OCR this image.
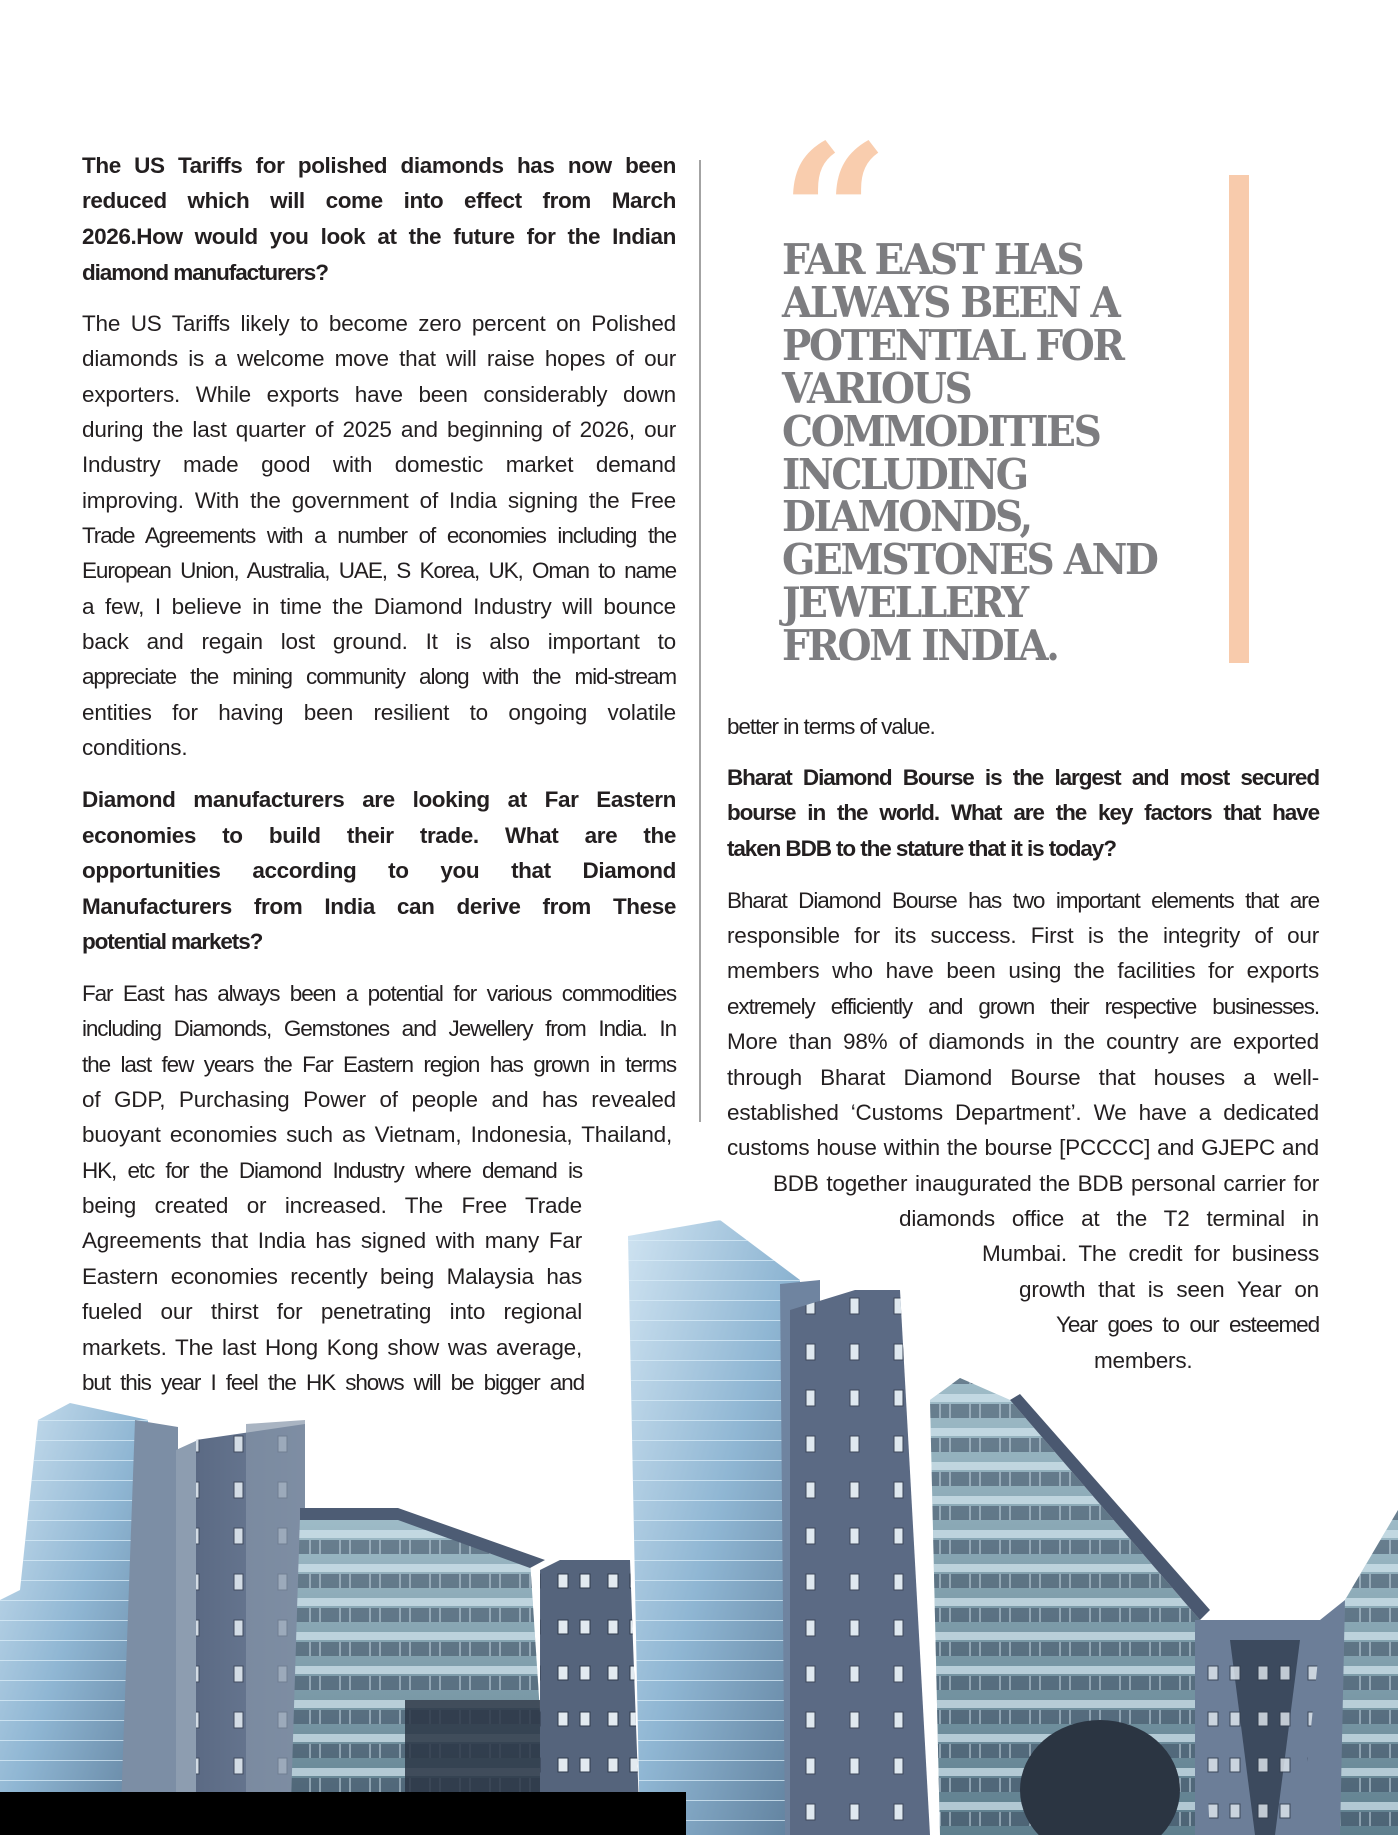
The US Tariffs for polished diamonds has now been
reduced which will come into effect from March
2026.How would you look at the future for the Indian
diamond manufacturers?
The US Tariffs likely to become zero percent on Polished
diamonds is a welcome move that will raise hopes of our
exporters. While exports have been considerably down
during the last quarter of 2025 and beginning of 2026, our
Industry made good with domestic market demand
improving. With the government of India signing the Free
Trade Agreements with a number of economies including the
European Union, Australia, UAE, S Korea, UK, Oman to name
a few, I believe in time the Diamond Industry will bounce
back and regain lost ground. It is also important to
appreciate the mining community along with the mid-stream
entities for having been resilient to ongoing volatile
conditions.
Diamond manufacturers are looking at Far Eastern
economies to build their trade. What are the
opportunities according to you that Diamond
Manufacturers from India can derive from These
potential markets?
Far East has always been a potential for various commodities
including Diamonds, Gemstones and Jewellery from India. In
the last few years the Far Eastern region has grown in terms
of GDP, Purchasing Power of people and has revealed
buoyant economies such as Vietnam, Indonesia, Thailand,
HK, etc for the Diamond Industry where demand is
being created or increased. The Free Trade
Agreements that India has signed with many Far
Eastern economies recently being Malaysia has
fueled our thirst for penetrating into regional
markets. The last Hong Kong show was average,
but this year I feel the HK shows will be bigger and
“
FAR EAST HAS
ALWAYS BEEN A
POTENTIAL FOR
VARIOUS
COMMODITIES
INCLUDING
DIAMONDS,
GEMSTONES AND
JEWELLERY
FROM INDIA.
better in terms of value.
Bharat Diamond Bourse is the largest and most secured
bourse in the world. What are the key factors that have
taken BDB to the stature that it is today?
Bharat Diamond Bourse has two important elements that are
responsible for its success. First is the integrity of our
members who have been using the facilities for exports
extremely efficiently and grown their respective businesses.
More than 98% of diamonds in the country are exported
through Bharat Diamond Bourse that houses a well-
established ‘Customs Department’. We have a dedicated
customs house within the bourse [PCCCC] and GJEPC and
BDB together inaugurated the BDB personal carrier for
diamonds office at the T2 terminal in
Mumbai. The credit for business
growth that is seen Year on
Year goes to our esteemed
members.
